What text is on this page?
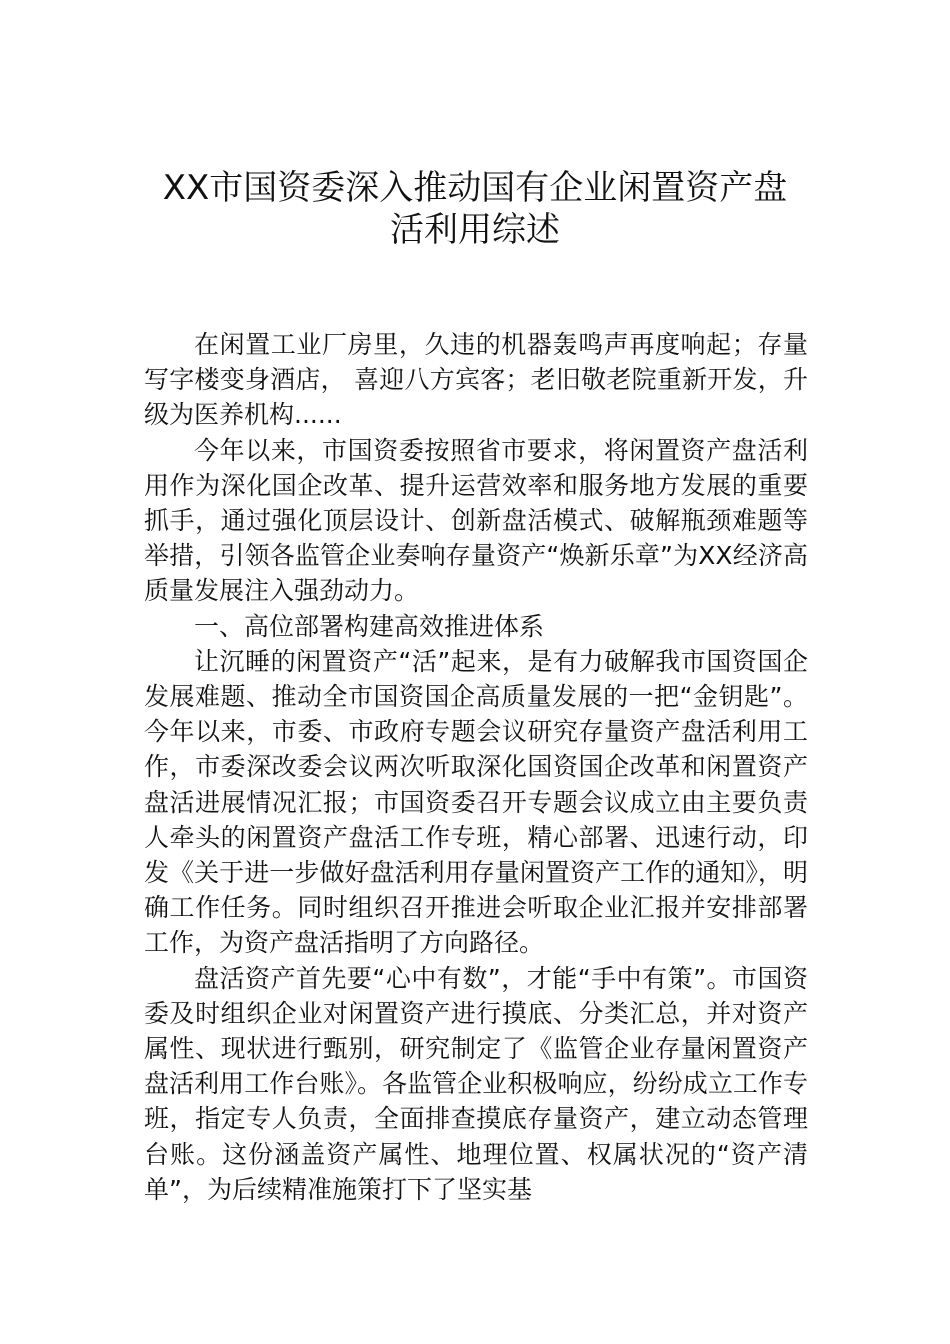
XX市国资委深入推动国有企业闲置资产盘
活利用综述

在闲置工业厂房里，久违的机器轰鸣声再度响起；存量写字楼变身酒店， 喜迎八方宾客；老旧敬老院重新开发，升级为医养机构......

今年以来，市国资委按照省市要求，将闲置资产盘活利用作为深化国企改革、提升运营效率和服务地方发展的重要抓手，通过强化顶层设计、创新盘活模式、破解瓶颈难题等举措，引领各监管企业奏响存量资产“焕新乐章”为XX经济高质量发展注入强劲动力。

一、高位部署构建高效推进体系

让沉睡的闲置资产“活”起来，是有力破解我市国资国企发展难题、推动全市国资国企高质量发展的一把“金钥匙”。今年以来，市委、市政府专题会议研究存量资产盘活利用工作，市委深改委会议两次听取深化国资国企改革和闲置资产盘活进展情况汇报；市国资委召开专题会议成立由主要负责人牵头的闲置资产盘活工作专班，精心部署、迅速行动，印发《关于进一步做好盘活利用存量闲置资产工作的通知》，明确工作任务。同时组织召开推进会听取企业汇报并安排部署工作，为资产盘活指明了方向路径。

盘活资产首先要“心中有数”，才能“手中有策”。市国资委及时组织企业对闲置资产进行摸底、分类汇总，并对资产属性、现状进行甄别，研究制定了《监管企业存量闲置资产盘活利用工作台账》。各监管企业积极响应，纷纷成立工作专班，指定专人负责，全面排查摸底存量资产，建立动态管理台账。这份涵盖资产属性、地理位置、权属状况的“资产清单”，为后续精准施策打下了坚实基
